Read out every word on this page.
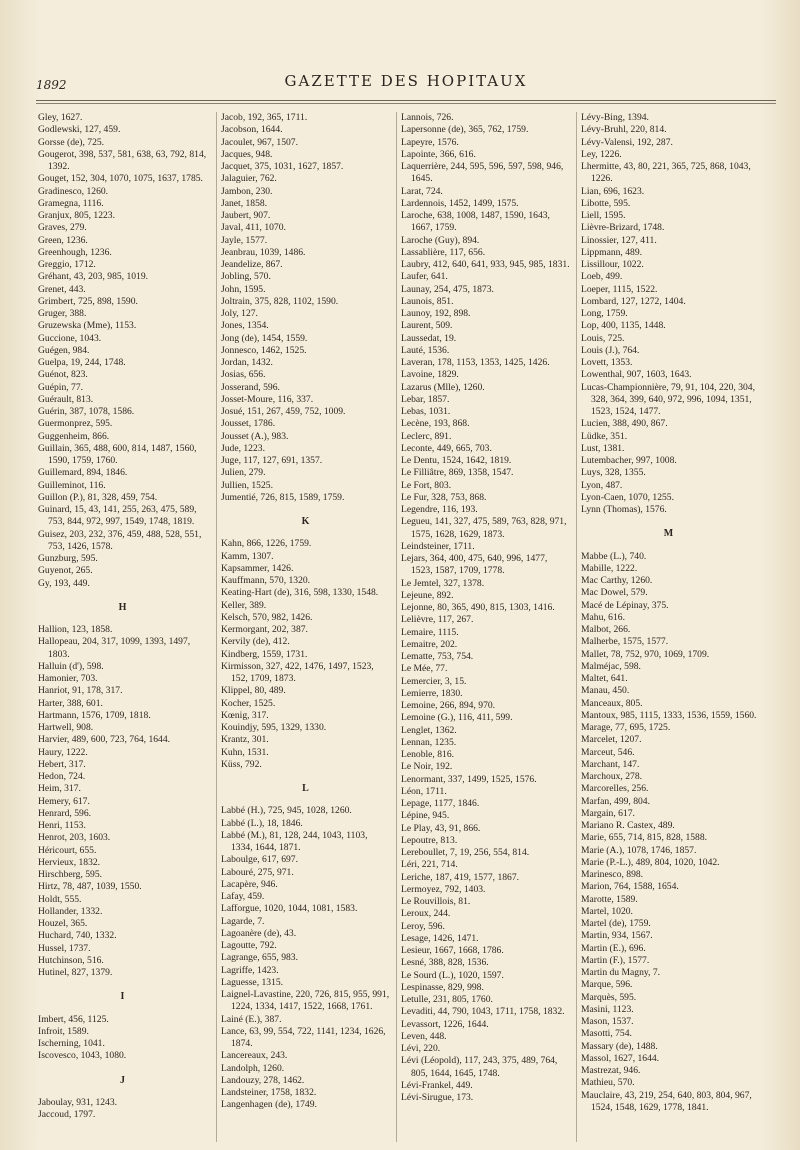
1892	GAZETTE DES HOPITAUX
Gley, 1627.
Godlewski, 127, 459.
Gorsse (de), 725.
Gougerot, 398, 537, 581, 638, 63, 792, 814, 1392.
Gouget, 152, 304, 1070, 1075, 1637, 1785.
Gradinesco, 1260.
Gramegna, 1116.
Granjux, 805, 1223.
Graves, 279.
Green, 1236.
Greenhough, 1236.
Greggio, 1712.
Gréhant, 43, 203, 985, 1019.
Grenet, 443.
Grimbert, 725, 898, 1590.
Gruger, 388.
Gruzewska (Mme), 1153.
Guccione, 1043.
Guégen, 984.
Guelpa, 19, 244, 1748.
Guénot, 823.
Guépin, 77.
Guérault, 813.
Guérin, 387, 1078, 1586.
Guermonprez, 595.
Guggenheim, 866.
Guillain, 365, 488, 600, 814, 1487, 1560, 1590, 1759, 1760.
Guillemard, 894, 1846.
Guilleminot, 116.
Guillon (P.), 81, 328, 459, 754.
Guinard, 15, 43, 141, 255, 263, 475, 589, 753, 844, 972, 997, 1549, 1748, 1819.
Guisez, 203, 232, 376, 459, 488, 528, 551, 753, 1426, 1578.
Gunzburg, 595.
Guyenot, 265.
Gy, 193, 449.
H
Hallion, 123, 1858.
Hallopeau, 204, 317, 1099, 1393, 1497, 1803.
Halluin (d'), 598.
Hamonier, 703.
Hanriot, 91, 178, 317.
Harter, 388, 601.
Hartmann, 1576, 1709, 1818.
Hartwell, 908.
Harvier, 489, 600, 723, 764, 1644.
Haury, 1222.
Hebert, 317.
Hedon, 724.
Heim, 317.
Hemery, 617.
Henrard, 596.
Henri, 1153.
Henrot, 203, 1603.
Héricourt, 655.
Hervieux, 1832.
Hirschberg, 595.
Hirtz, 78, 487, 1039, 1550.
Holdt, 555.
Hollander, 1332.
Houzel, 365.
Huchard, 740, 1332.
Hussel, 1737.
Hutchinson, 516.
Hutinel, 827, 1379.
I
Imbert, 456, 1125.
Infroit, 1589.
Ischerning, 1041.
Iscovesco, 1043, 1080.
J
Jaboulay, 931, 1243.
Jaccoud, 1797.
Jacob, 192, 365, 1711.
Jacobson, 1644.
Jacoulet, 967, 1507.
Jacques, 948.
Jacquet, 375, 1031, 1627, 1857.
Jalaguier, 762.
Jambon, 230.
Janet, 1858.
Jaubert, 907.
Javal, 411, 1070.
Jayle, 1577.
Jeanbrau, 1039, 1486.
Jeandelize, 867.
Jobling, 570.
John, 1595.
Joltrain, 375, 828, 1102, 1590.
Joly, 127.
Jones, 1354.
Jong (de), 1454, 1559.
Jonnesco, 1462, 1525.
Jordan, 1432.
Josias, 656.
Josserand, 596.
Josset-Moure, 116, 337.
Josué, 151, 267, 459, 752, 1009.
Jousset, 1786.
Jousset (A.), 983.
Jude, 1223.
Juge, 117, 127, 691, 1357.
Julien, 279.
Jullien, 1525.
Jumentié, 726, 815, 1589, 1759.
K
Kahn, 866, 1226, 1759.
Kamm, 1307.
Kapsammer, 1426.
Kauffmann, 570, 1320.
Keating-Hart (de), 316, 598, 1330, 1548.
Keller, 389.
Kelsch, 570, 982, 1426.
Kermorgant, 202, 387.
Kervily (de), 412.
Kindberg, 1559, 1731.
Kirmisson, 327, 422, 1476, 1497, 1523, 152, 1709, 1873.
Klippel, 80, 489.
Kocher, 1525.
Kœnig, 317.
Kouindjy, 595, 1329, 1330.
Krantz, 301.
Kuhn, 1531.
Küss, 792.
L
Labbé (H.), 725, 945, 1028, 1260.
Labbé (L.), 18, 1846.
Labbé (M.), 81, 128, 244, 1043, 1103, 1334, 1644, 1871.
Laboulge, 617, 697.
Labouré, 275, 971.
Lacapère, 946.
Lafay, 459.
Lafforgue, 1020, 1044, 1081, 1583.
Lagarde, 7.
Lagoanère (de), 43.
Lagoutte, 792.
Lagrange, 655, 983.
Lagriffe, 1423.
Laguesse, 1315.
Laignel-Lavastine, 220, 726, 815, 955, 991, 1224, 1334, 1417, 1522, 1668, 1761.
Lainé (E.), 387.
Lance, 63, 99, 554, 722, 1141, 1234, 1626, 1874.
Lancereaux, 243.
Landolph, 1260.
Landouzy, 278, 1462.
Landsteiner, 1758, 1832.
Langenhagen (de), 1749.
Lannois, 726.
Lapersonne (de), 365, 762, 1759.
Lapeyre, 1576.
Lapointe, 366, 616.
Laquerrière, 244, 595, 596, 597, 598, 946, 1645.
Larat, 724.
Lardennois, 1452, 1499, 1575.
Laroche, 638, 1008, 1487, 1590, 1643, 1667, 1759.
Laroche (Guy), 894.
Lassablière, 117, 656.
Laubry, 412, 640, 641, 933, 945, 985, 1831.
Laufer, 641.
Launay, 254, 475, 1873.
Launois, 851.
Launoy, 192, 898.
Laurent, 509.
Laussedat, 19.
Lauté, 1536.
Laveran, 178, 1153, 1353, 1425, 1426.
Lavoine, 1829.
Lazarus (Mlle), 1260.
Lebar, 1857.
Lebas, 1031.
Lecène, 193, 868.
Leclerc, 891.
Leconte, 449, 665, 703.
Le Dentu, 1524, 1642, 1819.
Le Filliâtre, 869, 1358, 1547.
Le Fort, 803.
Le Fur, 328, 753, 868.
Legendre, 116, 193.
Legueu, 141, 327, 475, 589, 763, 828, 971, 1575, 1628, 1629, 1873.
Leindsteiner, 1711.
Lejars, 364, 400, 475, 640, 996, 1477, 1523, 1587, 1709, 1778.
Le Jemtel, 327, 1378.
Lejeune, 892.
Lejonne, 80, 365, 490, 815, 1303, 1416.
Lelièvre, 117, 267.
Lemaire, 1115.
Lemaitre, 202.
Lematte, 753, 754.
Le Mée, 77.
Lemercier, 3, 15.
Lemierre, 1830.
Lemoine, 266, 894, 970.
Lemoine (G.), 116, 411, 599.
Lenglet, 1362.
Lennan, 1235.
Lenoble, 816.
Le Noir, 192.
Lenormant, 337, 1499, 1525, 1576.
Léon, 1711.
Lepage, 1177, 1846.
Lépine, 945.
Le Play, 43, 91, 866.
Lepoutre, 813.
Lereboullet, 7, 19, 256, 554, 814.
Léri, 221, 714.
Leriche, 187, 419, 1577, 1867.
Lermoyez, 792, 1403.
Le Rouvillois, 81.
Leroux, 244.
Leroy, 596.
Lesage, 1426, 1471.
Lesieur, 1667, 1668, 1786.
Lesné, 388, 828, 1536.
Le Sourd (L.), 1020, 1597.
Lespinasse, 829, 998.
Letulle, 231, 805, 1760.
Levaditi, 44, 790, 1043, 1711, 1758, 1832.
Levassort, 1226, 1644.
Leven, 448.
Lévi, 220.
Lévi (Léopold), 117, 243, 375, 489, 764, 805, 1644, 1645, 1748.
Lévi-Frankel, 449.
Lévi-Sirugue, 173.
Lévy-Bing, 1394.
Lévy-Bruhl, 220, 814.
Lévy-Valensi, 192, 287.
Ley, 1226.
Lhermitte, 43, 80, 221, 365, 725, 868, 1043, 1226.
Lian, 696, 1623.
Libotte, 595.
Liell, 1595.
Lièvre-Brizard, 1748.
Linossier, 127, 411.
Lippmann, 489.
Lissillour, 1022.
Loeb, 499.
Loeper, 1115, 1522.
Lombard, 127, 1272, 1404.
Long, 1759.
Lop, 400, 1135, 1448.
Louis, 725.
Louis (J.), 764.
Lovett, 1353.
Lowenthal, 907, 1603, 1643.
Lucas-Championnière, 79, 91, 104, 220, 304, 328, 364, 399, 640, 972, 996, 1094, 1351, 1523, 1524, 1477.
Lucien, 388, 490, 867.
Lüdke, 351.
Lust, 1381.
Lutembacher, 997, 1008.
Luys, 328, 1355.
Lyon, 487.
Lyon-Caen, 1070, 1255.
Lynn (Thomas), 1576.
M
Mabbe (L.), 740.
Mabille, 1222.
Mac Carthy, 1260.
Mac Dowel, 579.
Macé de Lépinay, 375.
Mahu, 616.
Malbot, 266.
Malherbe, 1575, 1577.
Mallet, 78, 752, 970, 1069, 1709.
Malméjac, 598.
Maltet, 641.
Manau, 450.
Manceaux, 805.
Mantoux, 985, 1115, 1333, 1536, 1559, 1560.
Marage, 77, 695, 1725.
Marcelet, 1207.
Marceut, 546.
Marchant, 147.
Marchoux, 278.
Marcorelles, 256.
Marfan, 499, 804.
Margain, 617.
Mariano R. Castex, 489.
Marie, 655, 714, 815, 828, 1588.
Marie (A.), 1078, 1746, 1857.
Marie (P.-L.), 489, 804, 1020, 1042.
Marinesco, 898.
Marion, 764, 1588, 1654.
Marotte, 1589.
Martel, 1020.
Martel (de), 1759.
Martin, 934, 1567.
Martin (E.), 696.
Martin (F.), 1577.
Martin du Magny, 7.
Marque, 596.
Marquès, 595.
Masini, 1123.
Mason, 1537.
Masotti, 754.
Massary (de), 1488.
Massol, 1627, 1644.
Mastrezat, 946.
Mathieu, 570.
Mauclaire, 43, 219, 254, 640, 803, 804, 967, 1524, 1548, 1629, 1778, 1841.
